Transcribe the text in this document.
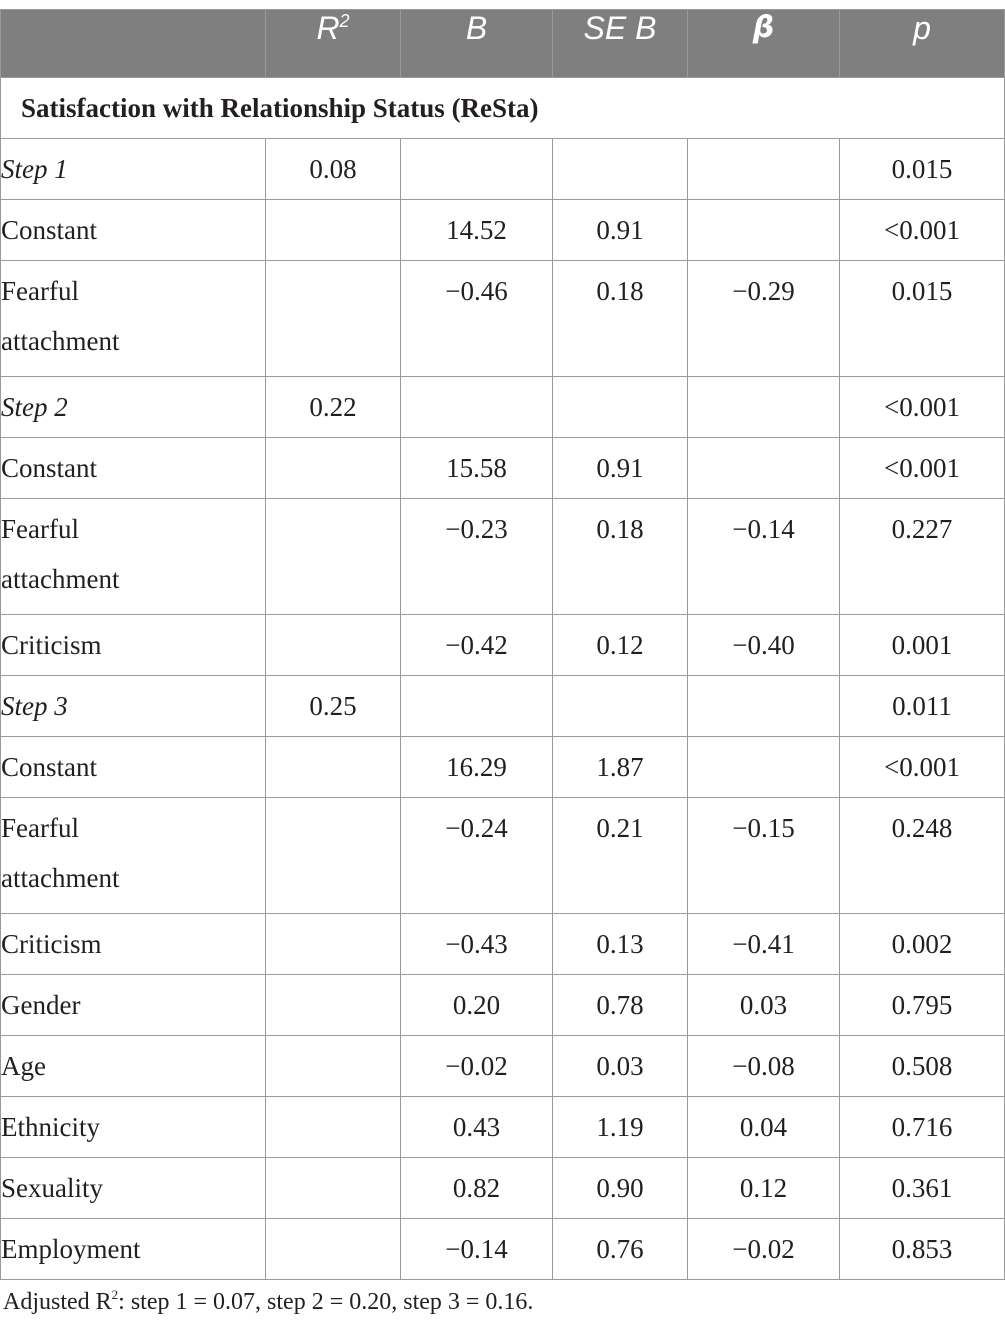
	$R^2$	B	SE B	β	p
Satisfaction with Relationship Status (ReSta)					
Step 1	0.08				0.015
Constant		14.52	0.91		<0.001
Fearful
attachment		−0.46	0.18	−0.29	0.015
Step 2	0.22				<0.001
Constant		15.58	0.91		<0.001
Fearful
attachment		−0.23	0.18	−0.14	0.227
Criticism		−0.42	0.12	−0.40	0.001
Step 3	0.25				0.011
Constant		16.29	1.87		<0.001
Fearful
attachment		−0.24	0.21	−0.15	0.248
Criticism		−0.43	0.13	−0.41	0.002
Gender		0.20	0.78	0.03	0.795
Age		−0.02	0.03	−0.08	0.508
Ethnicity		0.43	1.19	0.04	0.716
Sexuality		0.82	0.90	0.12	0.361
Employment		−0.14	0.76	−0.02	0.853
Adjusted $R^2$: step 1 = 0.07, step 2 = 0.20, step 3 = 0.16.
